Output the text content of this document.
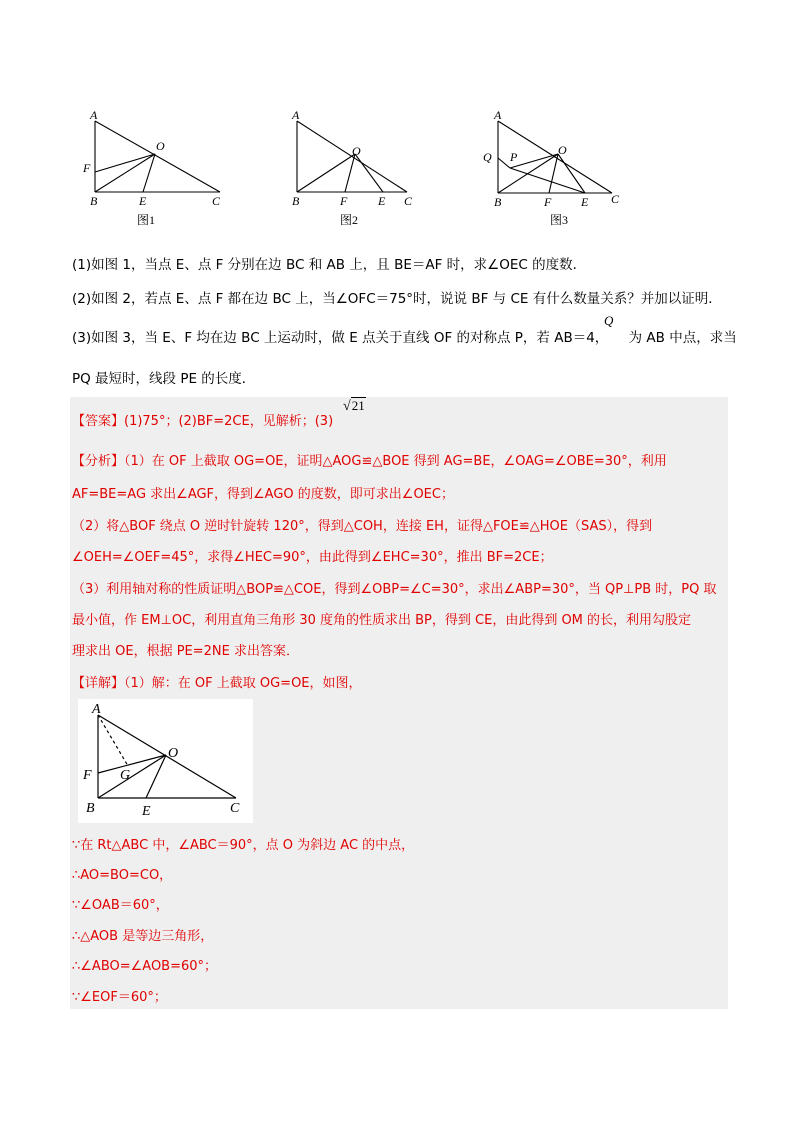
A
F
O
B	E	C
图1
A
O
B	F	E C
图2
A
Q P	O
B	F E C
图3
(1)如图 1，当点 E、点 F 分别在边 BC 和 AB 上，且 BE＝AF 时，求∠OEC 的度数．
(2)如图 2，若点 E、点 F 都在边 BC 上，当∠OFC＝75°时，说说 BF 与 CE 有什么数量关系？并加以证明．
(3)如图 3，当 E、F 均在边 BC 上运动时，做 E 点关于直线 OF 的对称点 P，若 AB＝4， 为 AB 中点，求当
Q
PQ 最短时，线段 PE 的长度．
【答案】(1)75°；(2)BF=2CE，见解析；(3)
√21
【分析】（1）在 OF 上截取 OG=OE，证明△AOG≌△BOE 得到 AG=BE，∠OAG=∠OBE=30°，利用
AF=BE=AG 求出∠AGF，得到∠AGO 的度数，即可求出∠OEC；
（2）将△BOF 绕点 O 逆时针旋转 120°，得到△COH，连接 EH，证得△FOE≌△HOE（SAS），得到
∠OEH=∠OEF=45°，求得∠HEC=90°，由此得到∠EHC=30°，推出 BF=2CE；
（3）利用轴对称的性质证明△BOP≌△COE，得到∠OBP=∠C=30°，求出∠ABP=30°，当 QP⊥PB 时，PQ 取
最小值，作 EM⊥OC，利用直角三角形 30 度角的性质求出 BP，得到 CE，由此得到 OM 的长，利用勾股定
理求出 OE，根据 PE=2NE 求出答案．
【详解】（1）解：在 OF 上截取 OG=OE，如图，
A
F G
O
B	E	C
∵在 Rt△ABC 中，∠ABC＝90°，点 O 为斜边 AC 的中点，
∴AO=BO=CO，
∵∠OAB＝60°，
∴△AOB 是等边三角形，
∴∠ABO=∠AOB=60°；
∵∠EOF＝60°；
